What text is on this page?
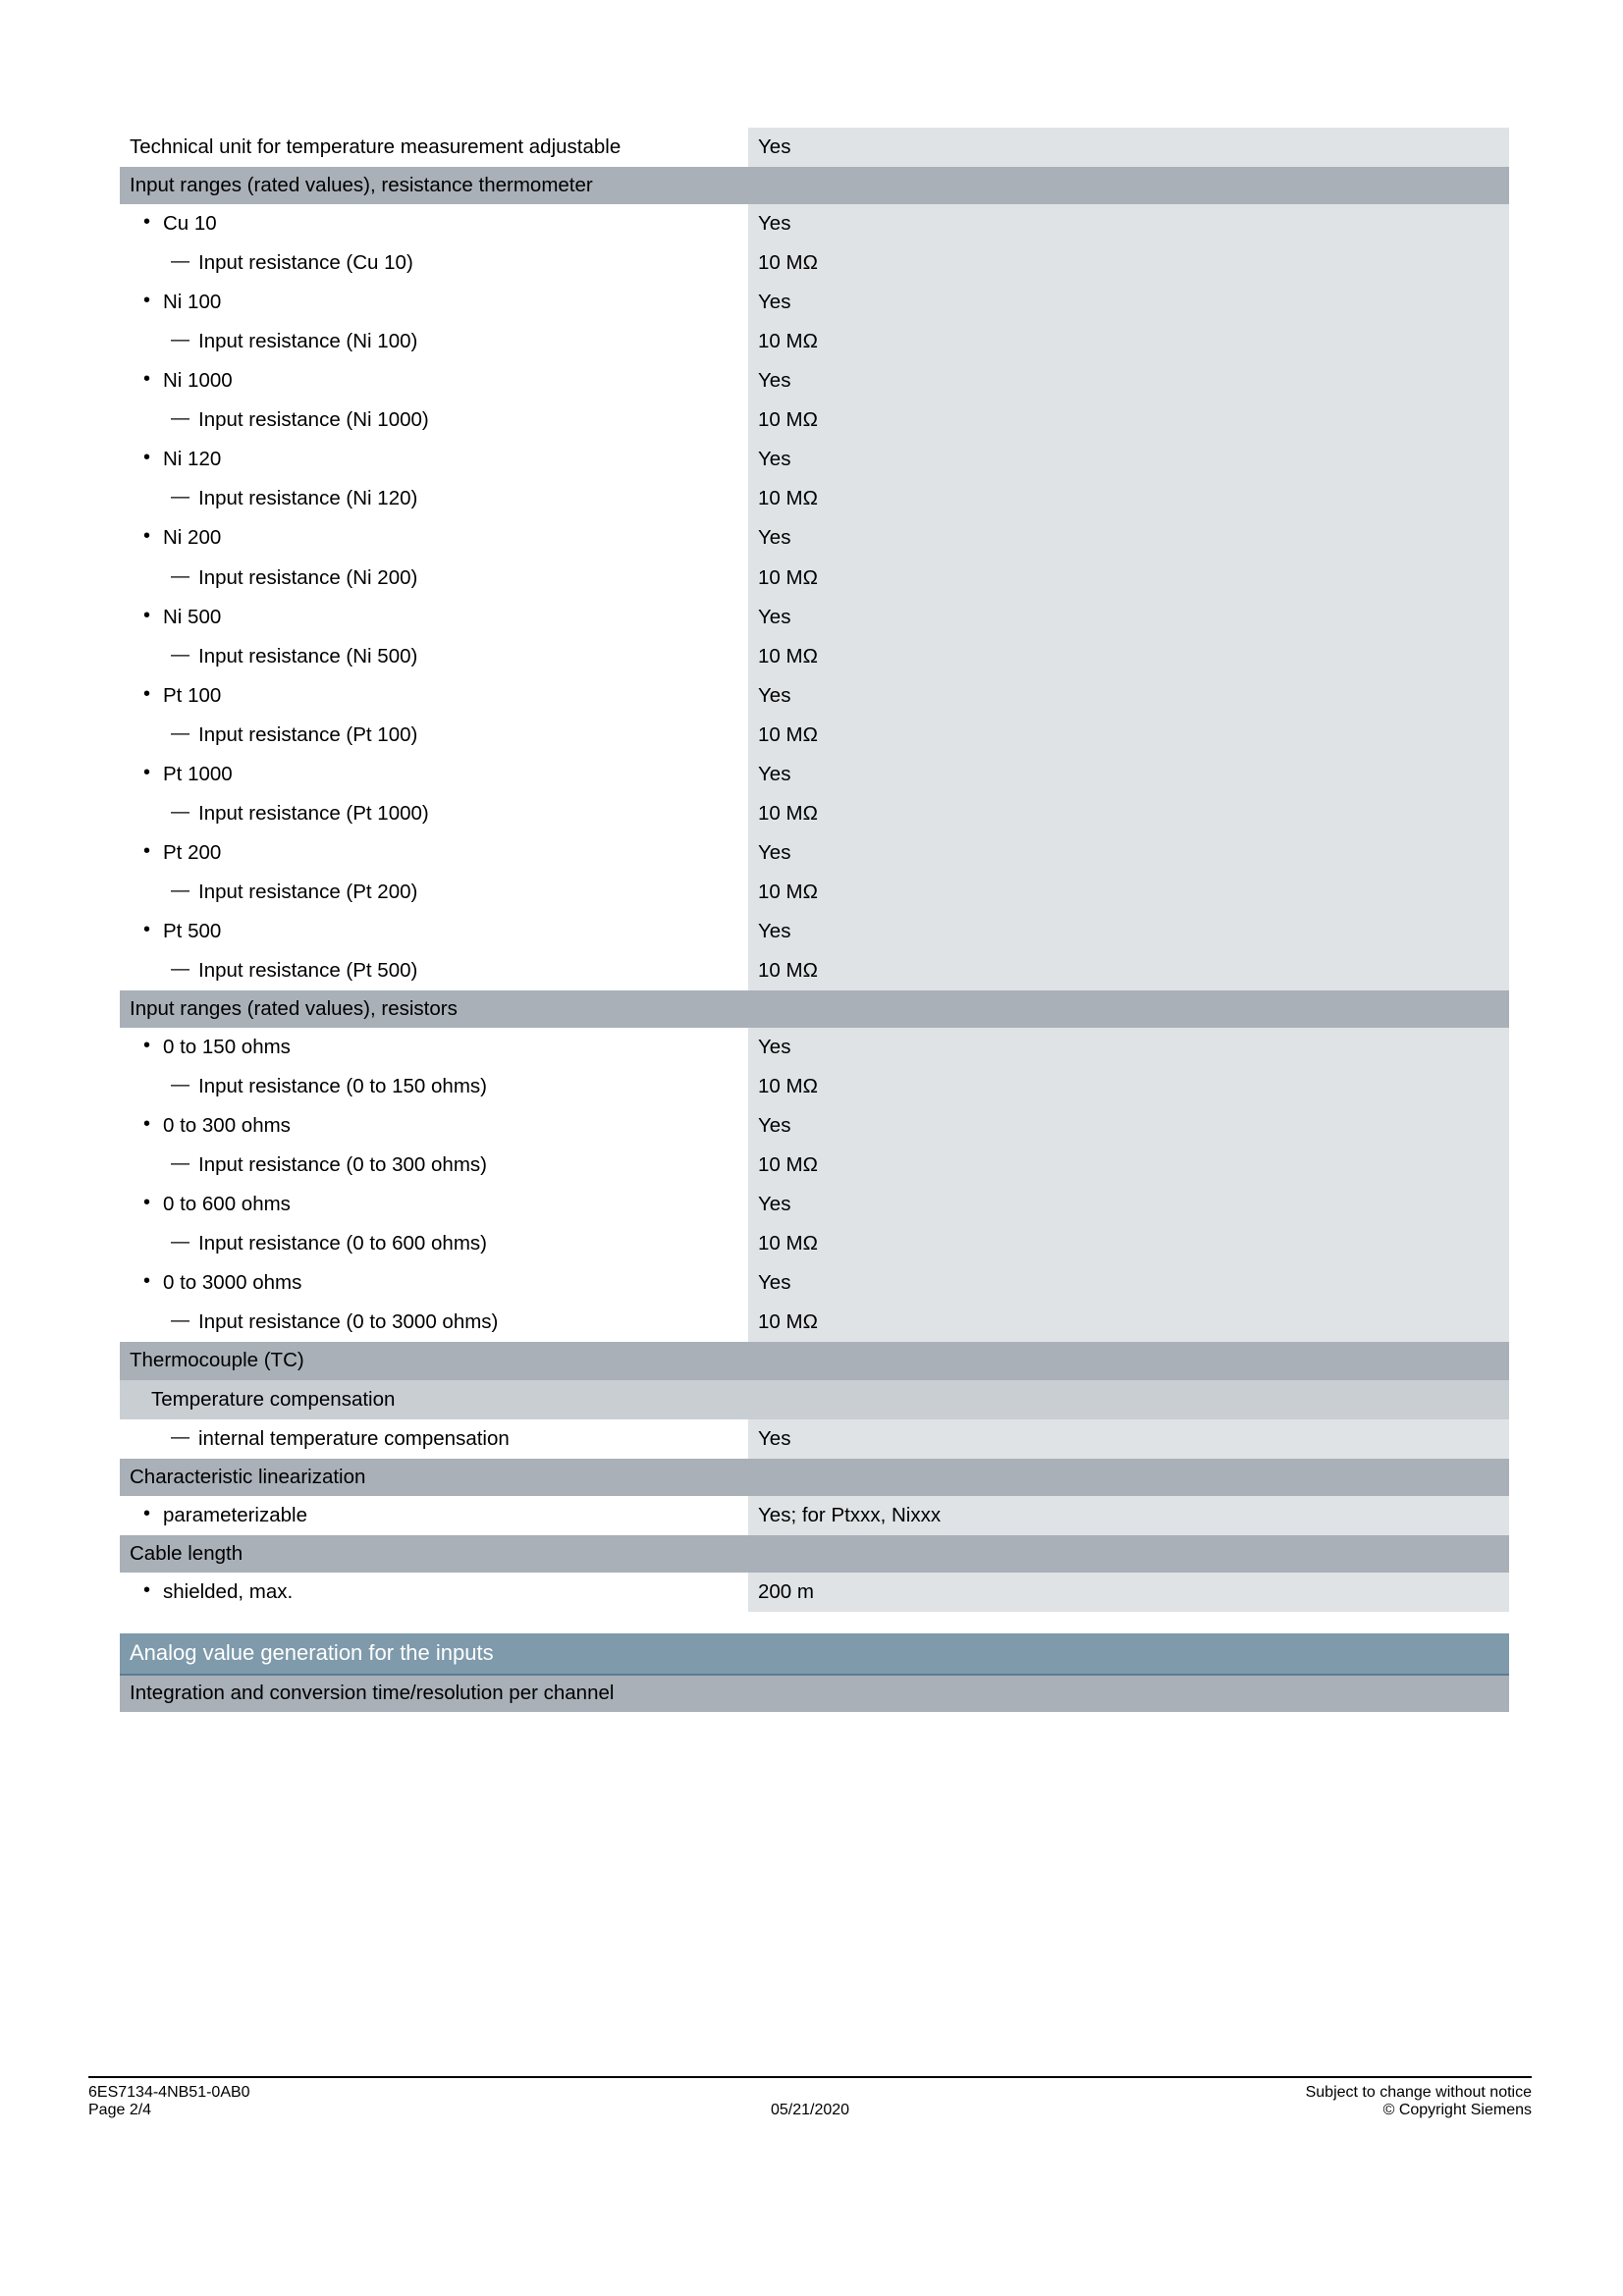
Technical unit for temperature measurement adjustable	Yes
Input ranges (rated values), resistance thermometer	

• Cu 10	Yes

— Input resistance (Cu 10)	10 MΩ

• Ni 100	Yes

— Input resistance (Ni 100)	10 MΩ

• Ni 1000	Yes

— Input resistance (Ni 1000)	10 MΩ

• Ni 120	Yes

— Input resistance (Ni 120)	10 MΩ

• Ni 200	Yes

— Input resistance (Ni 200)	10 MΩ

• Ni 500	Yes

— Input resistance (Ni 500)	10 MΩ

• Pt 100	Yes

— Input resistance (Pt 100)	10 MΩ

• Pt 1000	Yes

— Input resistance (Pt 1000)	10 MΩ

• Pt 200	Yes

— Input resistance (Pt 200)	10 MΩ

• Pt 500	Yes

— Input resistance (Pt 500)	10 MΩ
Input ranges (rated values), resistors	

• 0 to 150 ohms	Yes

— Input resistance (0 to 150 ohms)	10 MΩ

• 0 to 300 ohms	Yes

— Input resistance (0 to 300 ohms)	10 MΩ

• 0 to 600 ohms	Yes

— Input resistance (0 to 600 ohms)	10 MΩ

• 0 to 3000 ohms	Yes

— Input resistance (0 to 3000 ohms)	10 MΩ
Thermocouple (TC)	

Temperature compensation	

— internal temperature compensation	Yes
Characteristic linearization	

• parameterizable	Yes; for Ptxxx, Nixxx
Cable length	

• shielded, max.	200 m
Analog value generation for the inputs
Integration and conversion time/resolution per channel
6ES7134-4NB51-0AB0	Subject to change without notice
Page 2/4	05/21/2020	© Copyright Siemens
